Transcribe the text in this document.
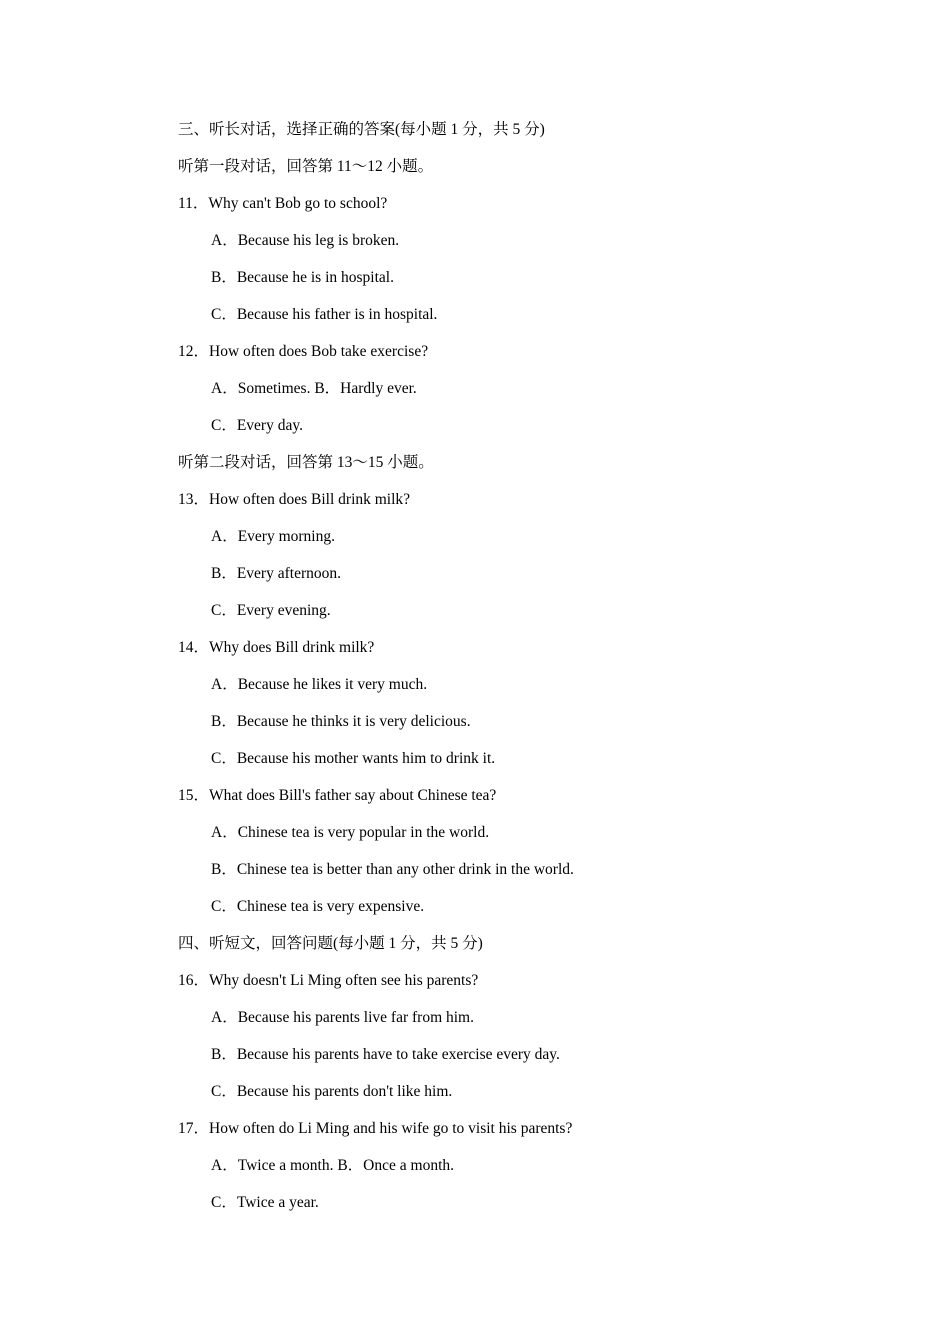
三、听长对话，选择正确的答案(每小题 1 分，共 5 分)
听第一段对话，回答第 11～12 小题。
11．Why can't Bob go to school?
A．Because his leg is broken.
B．Because he is in hospital.
C．Because his father is in hospital.
12．How often does Bob take exercise?
A．Sometimes. B．Hardly ever.
C．Every day.
听第二段对话，回答第 13～15 小题。
13．How often does Bill drink milk?
A．Every morning.
B．Every afternoon.
C．Every evening.
14．Why does Bill drink milk?
A．Because he likes it very much.
B．Because he thinks it is very delicious.
C．Because his mother wants him to drink it.
15．What does Bill's father say about Chinese tea?
A．Chinese tea is very popular in the world.
B．Chinese tea is better than any other drink in the world.
C．Chinese tea is very expensive.
四、听短文，回答问题(每小题 1 分，共 5 分)
16．Why doesn't Li Ming often see his parents?
A．Because his parents live far from him.
B．Because his parents have to take exercise every day.
C．Because his parents don't like him.
17．How often do Li Ming and his wife go to visit his parents?
A．Twice a month. B．Once a month.
C．Twice a year.
